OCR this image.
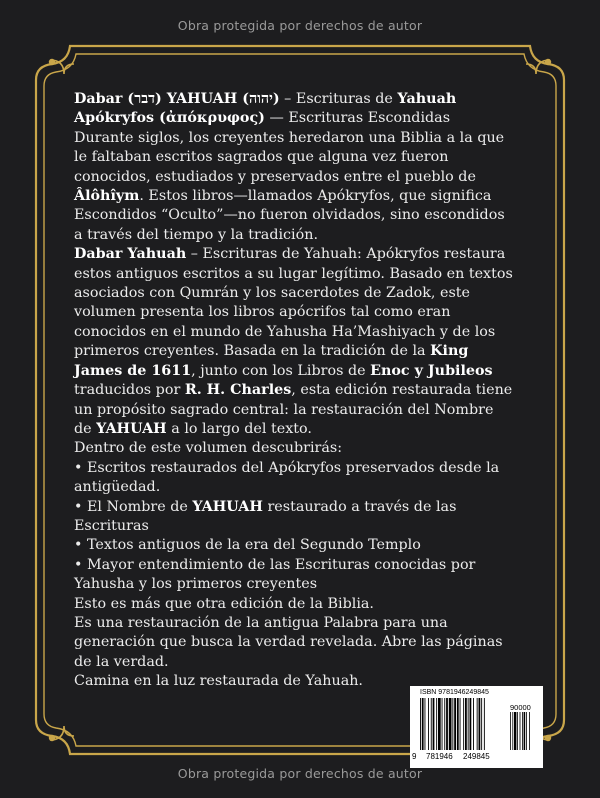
Obra protegida por derechos de autor

Dabar (דבר) YAHUAH (יהוה) – Escrituras de Yahuah

Apókryfos (ἀπόκρυφος) — Escrituras Escondidas

Durante siglos, los creyentes heredaron una Biblia a la que le faltaban escritos sagrados que alguna vez fueron conocidos, estudiados y preservados entre el pueblo de Âlôhîym. Estos libros—llamados Apókryfos, que significa Escondidos “Oculto”—no fueron olvidados, sino escondidos a través del tiempo y la tradición.

Dabar Yahuah – Escrituras de Yahuah: Apókryfos restaura estos antiguos escritos a su lugar legítimo. Basado en textos asociados con Qumrán y los sacerdotes de Zadok, este volumen presenta los libros apócrifos tal como eran conocidos en el mundo de Yahusha Ha’Mashiyach y de los primeros creyentes. Basada en la tradición de la King James de 1611, junto con los Libros de Enoc y Jubileos traducidos por R. H. Charles, esta edición restaurada tiene un propósito sagrado central: la restauración del Nombre de YAHUAH a lo largo del texto.

Dentro de este volumen descubrirás:

• Escritos restaurados del Apókryfos preservados desde la antigüedad.

• El Nombre de YAHUAH restaurado a través de las Escrituras

• Textos antiguos de la era del Segundo Templo

• Mayor entendimiento de las Escrituras conocidas por Yahusha y los primeros creyentes

Esto es más que otra edición de la Biblia.

Es una restauración de la antigua Palabra para una generación que busca la verdad revelada. Abre las páginas de la verdad.

Camina en la luz restaurada de Yahuah.

ISBN 9781946249845
90000
9 781946 249845
Obra protegida por derechos de autor
